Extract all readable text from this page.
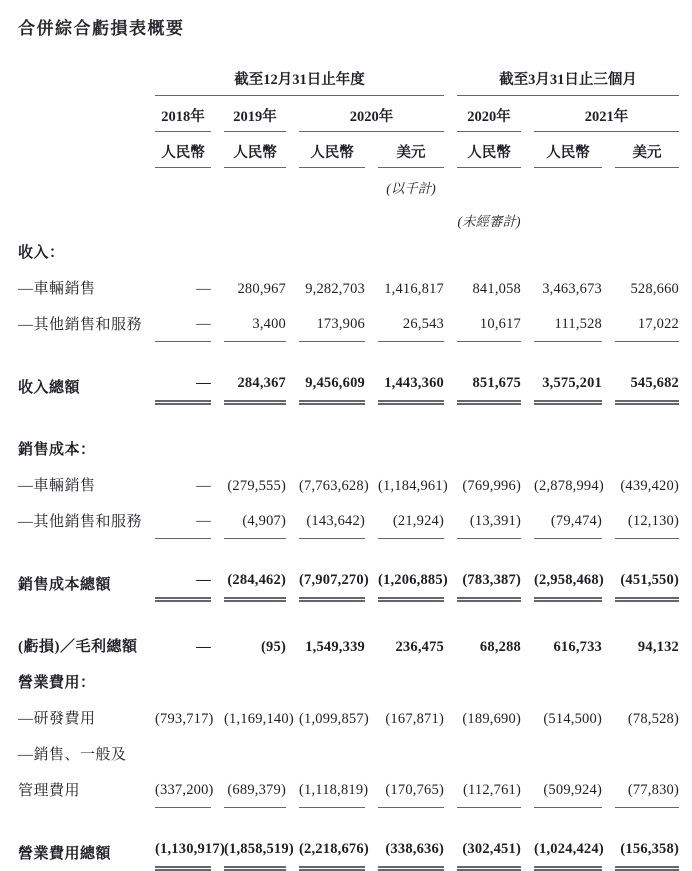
合併綜合虧損表概要
	截至12月31日止年度				截至3月31日止三個月		
	2018年	2019年	2020年		2020年	2021年	
	人民幣	人民幣	人民幣	美元	人民幣	人民幣	美元
				(以千計)			
					(未經審計)		
收入：							
—車輛銷售	—	280,967	9,282,703	1,416,817	841,058	3,463,673	528,660
—其他銷售和服務	—	3,400	173,906	26,543	10,617	111,528	17,022

收入總額	—	284,367	9,456,609	1,443,360	851,675	3,575,201	545,682

銷售成本：							
—車輛銷售	—	(279,555)	(7,763,628)	(1,184,961)	(769,996)	(2,878,994)	(439,420)
—其他銷售和服務	—	(4,907)	(143,642)	(21,924)	(13,391)	(79,474)	(12,130)

銷售成本總額	—	(284,462)	(7,907,270)	(1,206,885)	(783,387)	(2,958,468)	(451,550)

(虧損)／毛利總額	—	(95)	1,549,339	236,475	68,288	616,733	94,132
營業費用：							
—研發費用	(793,717)	(1,169,140)	(1,099,857)	(167,871)	(189,690)	(514,500)	(78,528)
—銷售、一般及							
管理費用	(337,200)	(689,379)	(1,118,819)	(170,765)	(112,761)	(509,924)	(77,830)

營業費用總額	(1,130,917)	(1,858,519)	(2,218,676)	(338,636)	(302,451)	(1,024,424)	(156,358)
